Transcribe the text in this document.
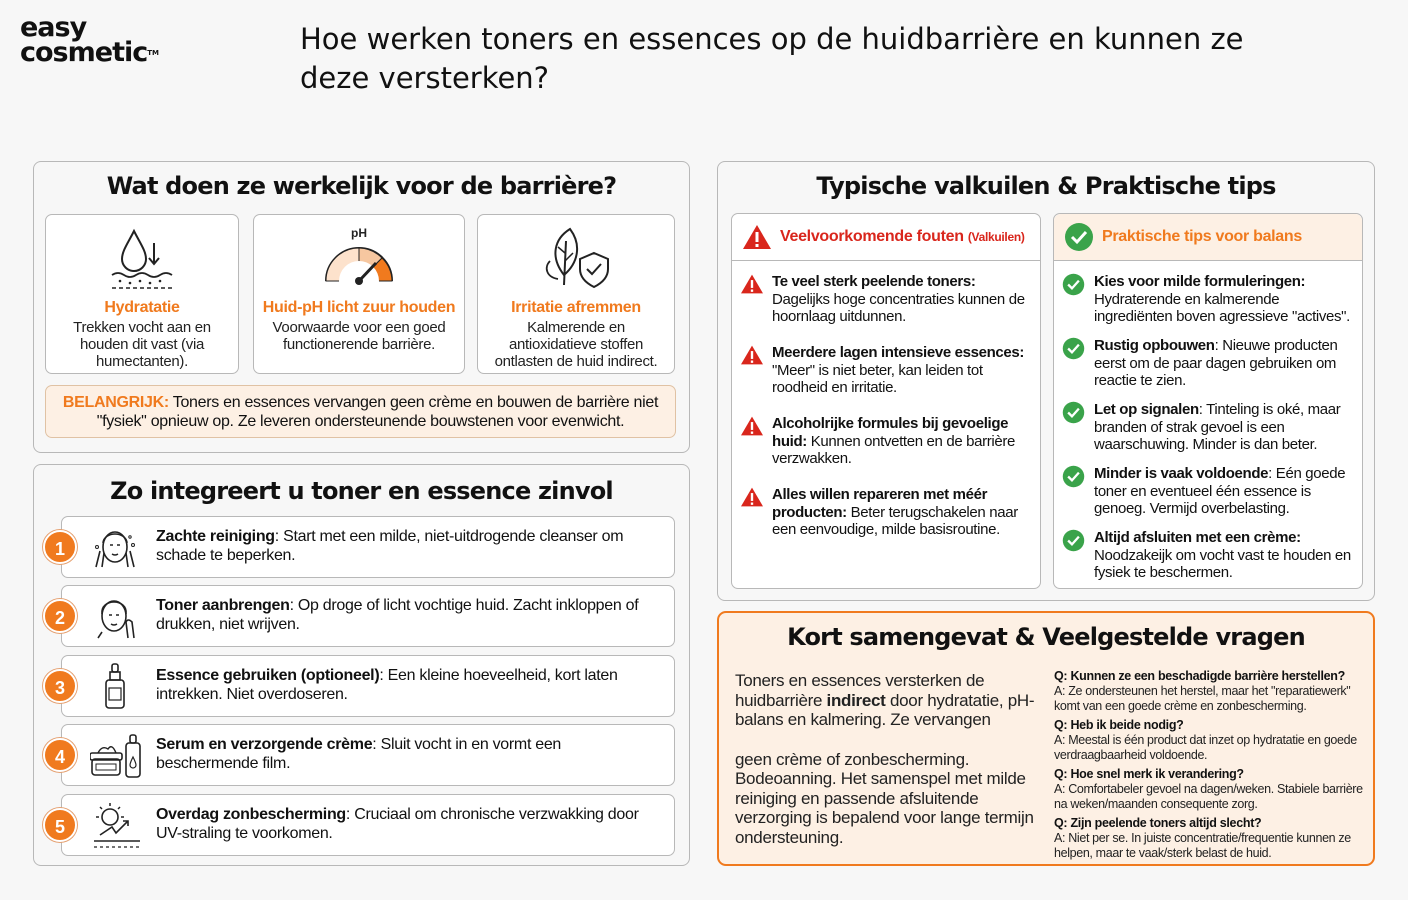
easy
cosmetic™	Hoe werken toners en essences op de huidbarrière en kunnen ze deze versterken?
Wat doen ze werkelijk voor de barrière?
Hydratatie
Trekken vocht aan en houden dit vast (via humectanten).
pH
Huid-pH licht zuur houden
Voorwaarde voor een goed functionerende barrière.
Irritatie afremmen
Kalmerende en antioxidatieve stoffen ontlasten de huid indirect.
BELANGRIJK: Toners en essences vervangen geen crème en bouwen de barrière niet "fysiek" opnieuw op. Ze leveren ondersteunende bouwstenen voor evenwicht.
Zo integreert u toner en essence zinvol
1
Zachte reiniging: Start met een milde, niet-uitdrogende cleanser om schade te beperken.
2
Toner aanbrengen: Op droge of licht vochtige huid. Zacht inkloppen of drukken, niet wrijven.
3
Essence gebruiken (optioneel): Een kleine hoeveelheid, kort laten intrekken. Niet overdoseren.
4
Serum en verzorgende crème: Sluit vocht in en vormt een beschermende film.
5
Overdag zonbescherming: Cruciaal om chronische verzwakking door UV-straling te voorkomen.
Typische valkuilen & Praktische tips
Veelvoorkomende fouten (Valkuilen)
Te veel sterk peelende toners: Dagelijks hoge concentraties kunnen de hoornlaag uitdunnen.
Meerdere lagen intensieve essences: "Meer" is niet beter, kan leiden tot roodheid en irritatie.
Alcoholrijke formules bij gevoelige huid: Kunnen ontvetten en de barrière verzwakken.
Alles willen repareren met méér producten: Beter terugschakelen naar een eenvoudige, milde basisroutine.
Praktische tips voor balans
Kies voor milde formuleringen: Hydraterende en kalmerende ingrediënten boven agressieve "actives".
Rustig opbouwen: Nieuwe producten eerst om de paar dagen gebruiken om reactie te zien.
Let op signalen: Tinteling is oké, maar branden of strak gevoel is een waarschuwing. Minder is dan beter.
Minder is vaak voldoende: Eén goede toner en eventueel één essence is genoeg. Vermijd overbelasting.
Altijd afsluiten met een crème: Noodzakeijk om vocht vast te houden en fysiek te beschermen.
Kort samengevat & Veelgestelde vragen
Toners en essences versterken de huidbarrière indirect door hydratatie, pH-balans en kalmering. Ze vervangen
geen crème of zonbescherming. Bodeoanning. Het samenspel met milde reiniging en passende afsluitende verzorging is bepalend voor lange termijn ondersteuning.
Q: Kunnen ze een beschadigde barrière herstellen?
A: Ze ondersteunen het herstel, maar het "reparatiewerk" komt van een goede crème en zonbescherming.
Q: Heb ik beide nodig?
A: Meestal is één product dat inzet op hydratatie en goede verdraagbaarheid voldoende.
Q: Hoe snel merk ik verandering?
A: Comfortabeler gevoel na dagen/weken. Stabiele barrière na weken/maanden consequente zorg.
Q: Zijn peelende toners altijd slecht?
A: Niet per se. In juiste concentratie/frequentie kunnen ze helpen, maar te vaak/sterk belast de huid.
